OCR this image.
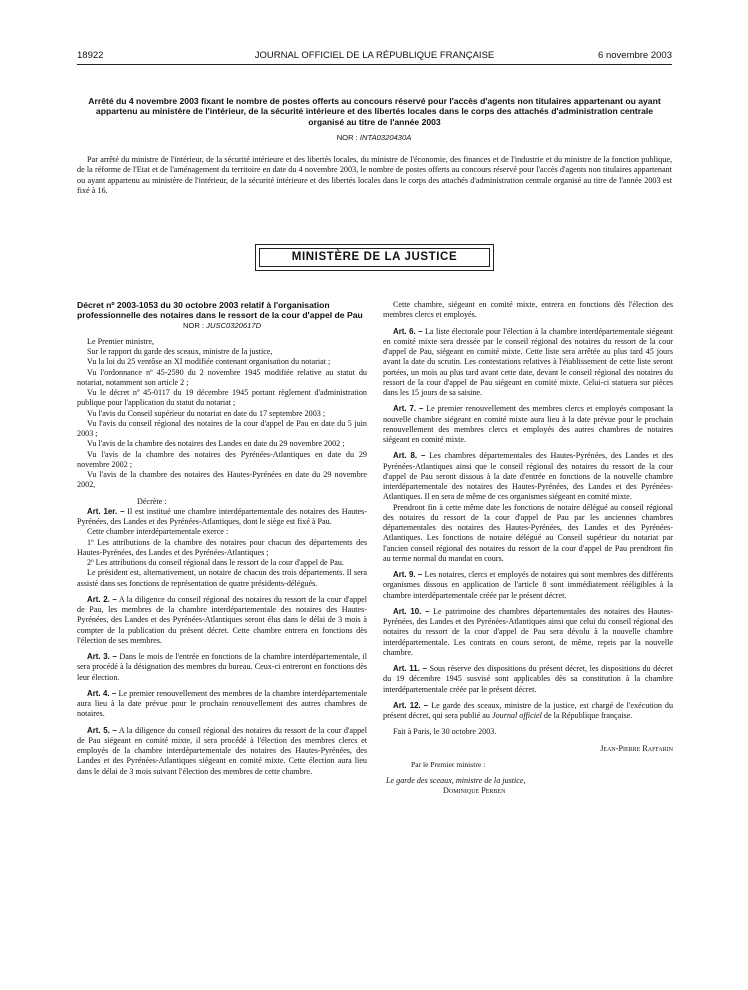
18922	JOURNAL OFFICIEL DE LA RÉPUBLIQUE FRANÇAISE	6 novembre 2003
Arrêté du 4 novembre 2003 fixant le nombre de postes offerts au concours réservé pour l'accès d'agents non titulaires appartenant ou ayant appartenu au ministère de l'intérieur, de la sécurité intérieure et des libertés locales dans le corps des attachés d'administration centrale organisé au titre de l'année 2003
NOR : INTA0320430A

Par arrêté du ministre de l'intérieur, de la sécurité intérieure et des libertés locales, du ministre de l'économie, des finances et de l'industrie et du ministre de la fonction publique, de la réforme de l'Etat et de l'aménagement du territoire en date du 4 novembre 2003, le nombre de postes offerts au concours réservé pour l'accès d'agents non titulaires appartenant ou ayant appartenu au ministère de l'intérieur, de la sécurité intérieure et des libertés locales dans le corps des attachés d'administration centrale organisé au titre de l'année 2003 est fixé à 16.

MINISTÈRE DE LA JUSTICE

Décret nº 2003-1053 du 30 octobre 2003 relatif à l'organisation professionnelle des notaires dans le ressort de la cour d'appel de Pau

NOR : JUSC0320617D

Le Premier ministre,

Sur le rapport du garde des sceaux, ministre de la justice,

Vu la loi du 25 ventôse an XI modifiée contenant organisation du notariat ;

Vu l'ordonnance nº 45-2590 du 2 novembre 1945 modifiée relative au statut du notariat, notamment son article 2 ;

Vu le décret nº 45-0117 du 19 décembre 1945 portant règlement d'administration publique pour l'application du statut du notariat ;

Vu l'avis du Conseil supérieur du notariat en date du 17 septembre 2003 ;

Vu l'avis du conseil régional des notaires de la cour d'appel de Pau en date du 5 juin 2003 ;

Vu l'avis de la chambre des notaires des Landes en date du 29 novembre 2002 ;

Vu l'avis de la chambre des notaires des Pyrénées-Atlantiques en date du 29 novembre 2002 ;

Vu l'avis de la chambre des notaires des Hautes-Pyrénées en date du 29 novembre 2002,

Décrète :

Art. 1er. – Il est institué une chambre interdépartementale des notaires des Hautes-Pyrénées, des Landes et des Pyrénées-Atlantiques, dont le siège est fixé à Pau.

Cette chambre interdépartementale exerce :

1º Les attributions de la chambre des notaires pour chacun des départements des Hautes-Pyrénées, des Landes et des Pyrénées-Atlantiques ;

2º Les attributions du conseil régional dans le ressort de la cour d'appel de Pau.

Le président est, alternativement, un notaire de chacun des trois départements. Il sera assisté dans ses fonctions de représentation de quatre présidents-délégués.

Art. 2. – A la diligence du conseil régional des notaires du ressort de la cour d'appel de Pau, les membres de la chambre interdépartementale des notaires des Hautes-Pyrénées, des Landes et des Pyrénées-Atlantiques seront élus dans le délai de 3 mois à compter de la publication du présent décret. Cette chambre entrera en fonctions dès l'élection de ses membres.

Art. 3. – Dans le mois de l'entrée en fonctions de la chambre interdépartementale, il sera procédé à la désignation des membres du bureau. Ceux-ci entreront en fonctions dès leur élection.

Art. 4. – Le premier renouvellement des membres de la chambre interdépartementale aura lieu à la date prévue pour le prochain renouvellement des autres chambres de notaires.

Art. 5. – A la diligence du conseil régional des notaires du ressort de la cour d'appel de Pau siégeant en comité mixte, il sera procédé à l'élection des membres clercs et employés de la chambre interdépartementale des notaires des Hautes-Pyrénées, des Landes et des Pyrénées-Atlantiques siégeant en comité mixte. Cette élection aura lieu dans le délai de 3 mois suivant l'élection des membres de cette chambre.

Cette chambre, siégeant en comité mixte, entrera en fonctions dès l'élection des membres clercs et employés.

Art. 6. – La liste électorale pour l'élection à la chambre interdépartementale siégeant en comité mixte sera dressée par le conseil régional des notaires du ressort de la cour d'appel de Pau, siégeant en comité mixte. Cette liste sera arrêtée au plus tard 45 jours avant la date du scrutin. Les contestations relatives à l'établissement de cette liste seront portées, un mois au plus tard avant cette date, devant le conseil régional des notaires du ressort de la cour d'appel de Pau siégeant en comité mixte. Celui-ci statuera sur pièces dans les 15 jours de sa saisine.

Art. 7. – Le premier renouvellement des membres clercs et employés composant la nouvelle chambre siégeant en comité mixte aura lieu à la date prévue pour le prochain renouvellement des membres clercs et employés des autres chambres de notaires siégeant en comité mixte.

Art. 8. – Les chambres départementales des Hautes-Pyrénées, des Landes et des Pyrénées-Atlantiques ainsi que le conseil régional des notaires du ressort de la cour d'appel de Pau seront dissous à la date d'entrée en fonctions de la nouvelle chambre interdépartementale des notaires des Hautes-Pyrénées, des Landes et des Pyrénées-Atlantiques. Il en sera de même de ces organismes siégeant en comité mixte.

Prendront fin à cette même date les fonctions de notaire délégué au conseil régional des notaires du ressort de la cour d'appel de Pau par les anciennes chambres départementales des notaires des Hautes-Pyrénées, des Landes et des Pyrénées-Atlantiques. Les fonctions de notaire délégué au Conseil supérieur du notariat par l'ancien conseil régional des notaires du ressort de la cour d'appel de Pau prendront fin au terme normal du mandat en cours.

Art. 9. – Les notaires, clercs et employés de notaires qui sont membres des différents organismes dissous en application de l'article 8 sont immédiatement rééligibles à la chambre interdépartementale créée par le présent décret.

Art. 10. – Le patrimoine des chambres départementales des notaires des Hautes-Pyrénées, des Landes et des Pyrénées-Atlantiques ainsi que celui du conseil régional des notaires du ressort de la cour d'appel de Pau sera dévolu à la nouvelle chambre interdépartementale. Les contrats en cours seront, de même, repris par la nouvelle chambre.

Art. 11. – Sous réserve des dispositions du présent décret, les dispositions du décret du 19 décembre 1945 susvisé sont applicables dès sa constitution à la chambre interdépartementale créée par le présent décret.

Art. 12. – Le garde des sceaux, ministre de la justice, est chargé de l'exécution du présent décret, qui sera publié au Journal officiel de la République française.

Fait à Paris, le 30 octobre 2003.

Jean-Pierre Raffarin

Par le Premier ministre :

Le garde des sceaux, ministre de la justice,

Dominique Perben
